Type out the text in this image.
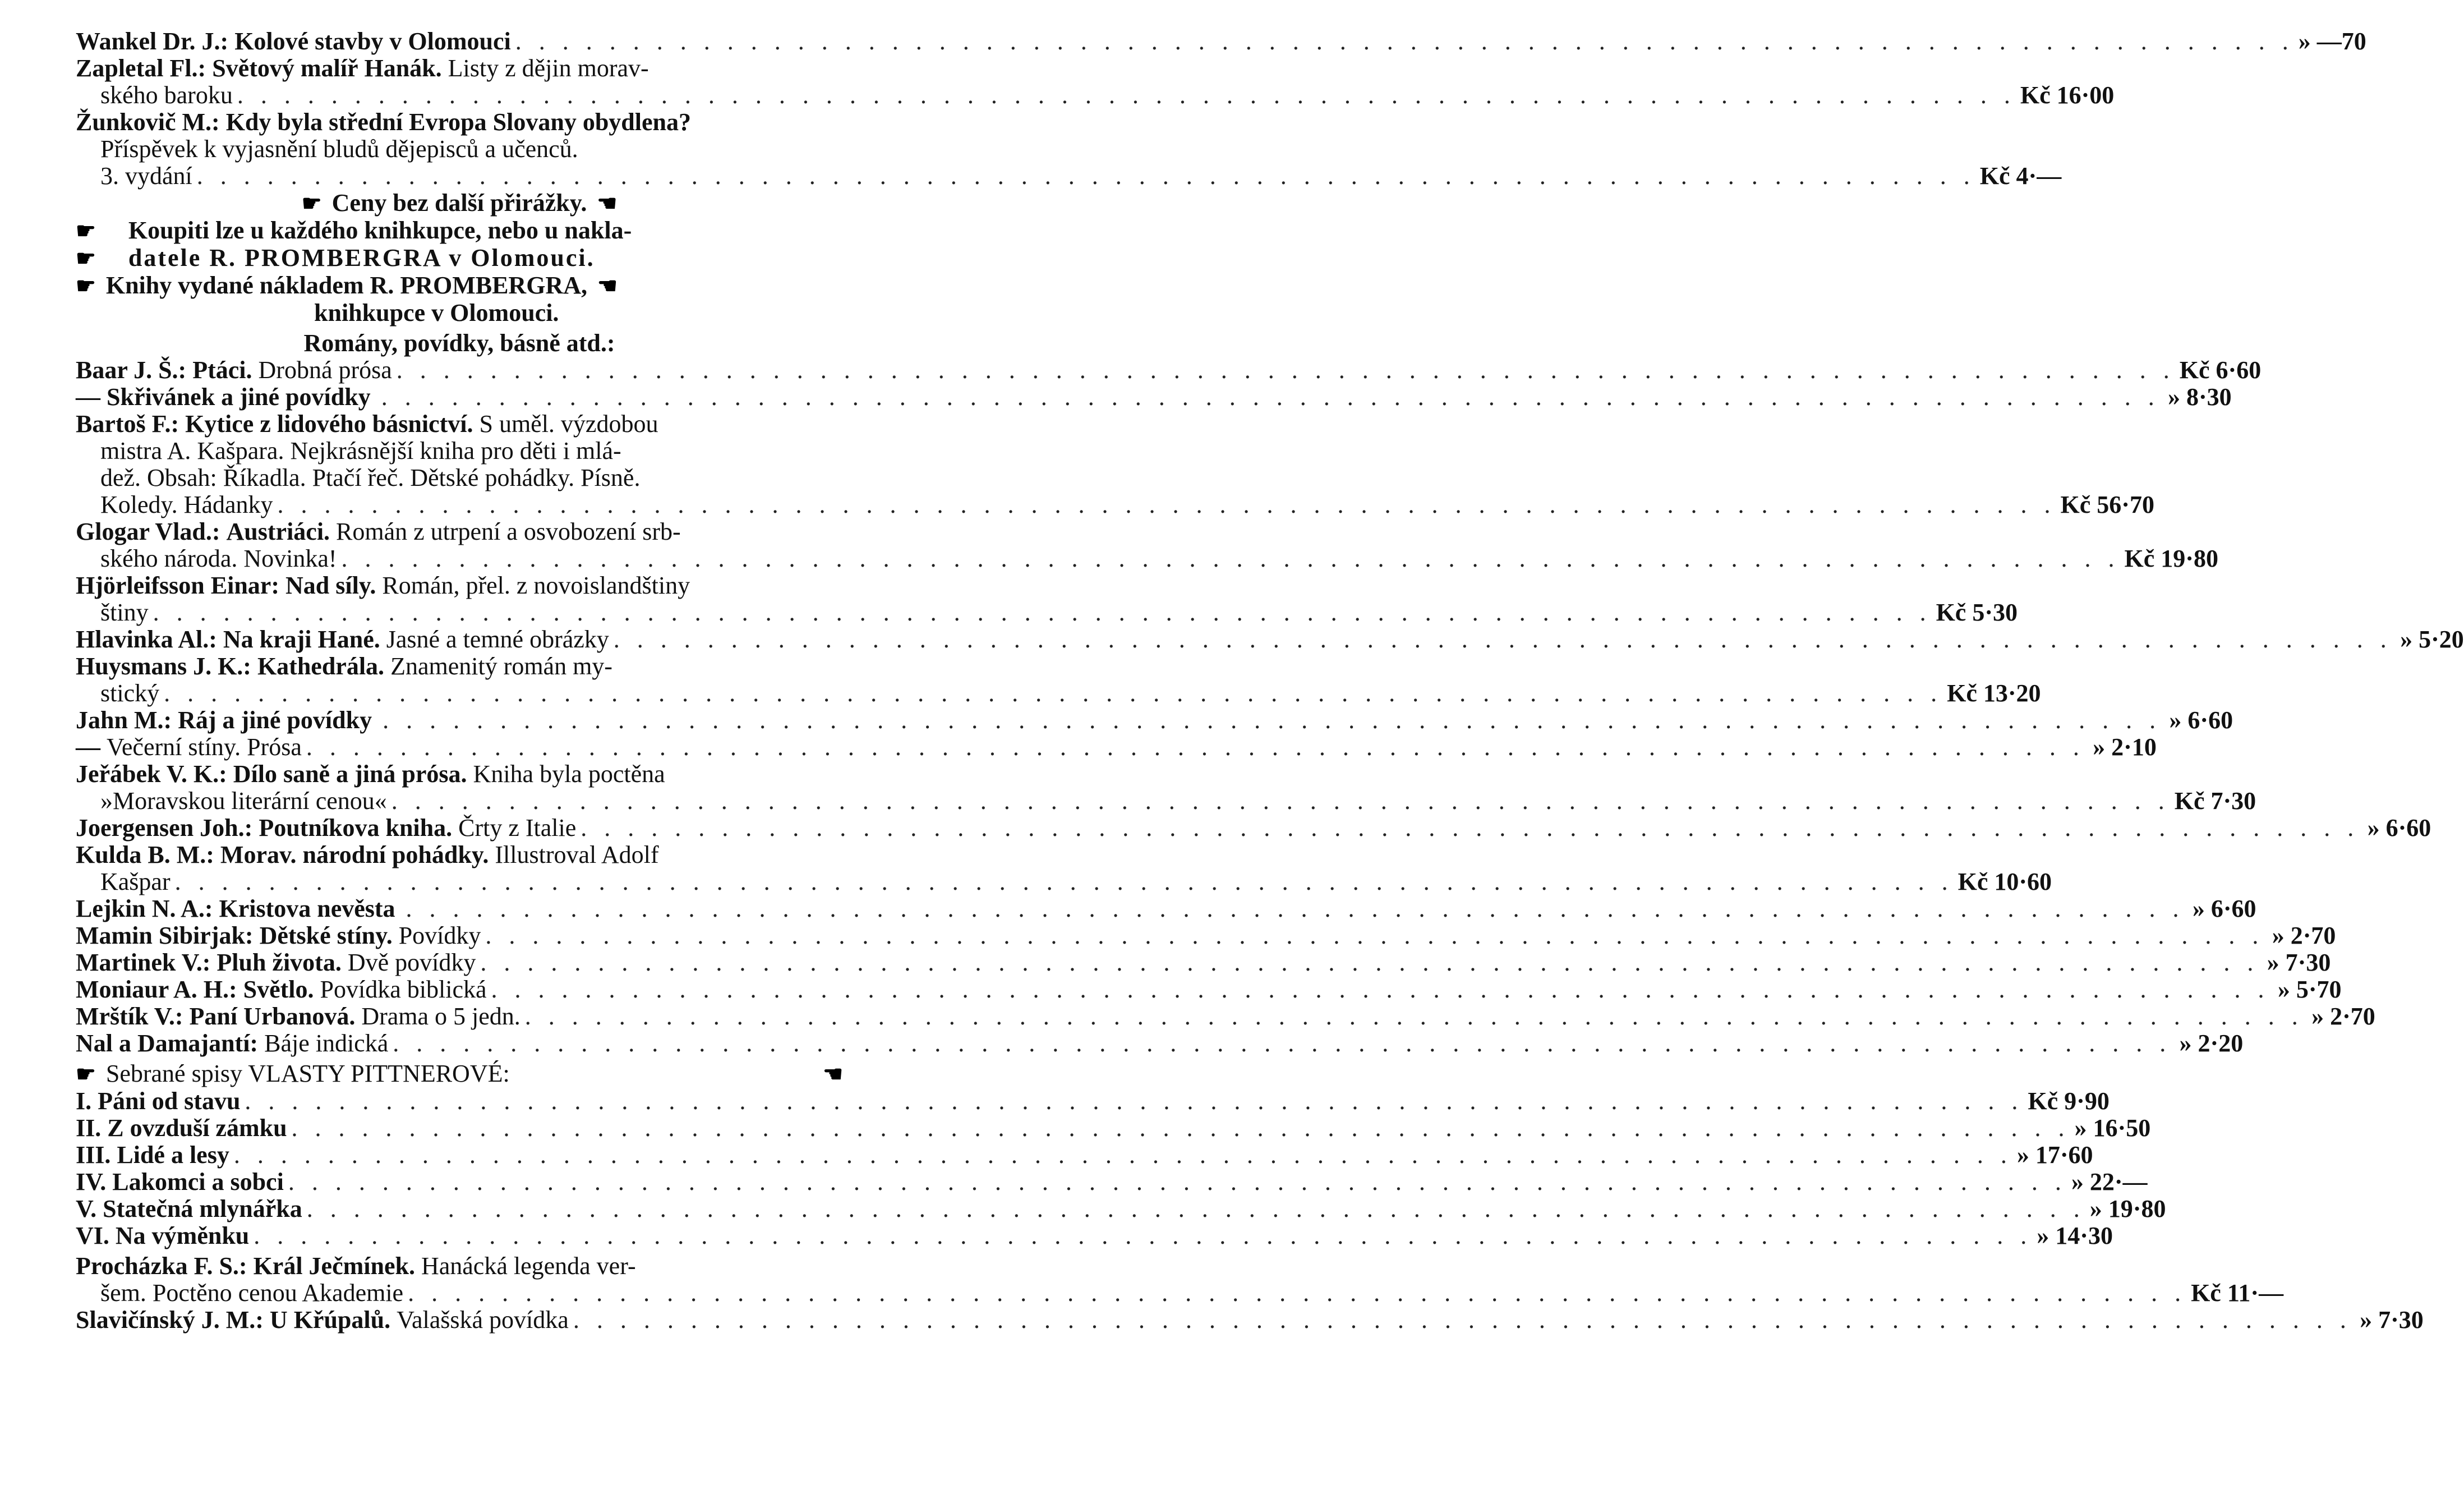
Wankel Dr. J.:
Kolové stavby v Olomouci . . .	» —70
Zapletal Fl.:
Světový malíř Hanák.
Listy z dějin morav-
ského baroku . . .	Kč 16·00
Žunkovič M.:
Kdy byla střední Evropa Slovany obydlena?
Příspěvek k vyjasnění bludů dějepisců a učenců.
3. vydání . . .	Kč 4·—
☛ Ceny bez další přirážky. ☚
☛	Koupiti lze u každého knihkupce, nebo u nakla-
☛	datele R. PROMBERGRA v Olomouci.
☛ Knihy vydané nákladem R. PROMBERGRA, ☚
knihkupce v Olomouci.
Romány, povídky, básně atd.:
Baar J. Š.:
Ptáci.
Drobná prósa . . .	Kč 6·60
—
Skřivánek a jiné povídky
. . .	» 8·30
Bartoš F.:
Kytice z lidového básnictví.
S uměl. výzdobou
mistra A. Kašpara. Nejkrásnější kniha pro děti i mlá-
dež. Obsah: Říkadla. Ptačí řeč. Dětské pohádky. Písně.
Koledy. Hádanky . . .	Kč 56·70
Glogar Vlad.:
Austriáci.
Román z utrpení a osvobození srb-
ského národa. Novinka! . . .	Kč 19·80
Hjörleifsson Einar:
Nad síly.
Román, přel. z novoislandštiny
štiny . . .	Kč 5·30
Hlavinka Al.:
Na kraji Hané.
Jasné a temné obrázky . . .	» 5·20
Huysmans J. K.:
Kathedrála.
Znamenitý román my-
stický . . .	Kč 13·20
Jahn M.:
Ráj a jiné povídky
. . .	» 6·60
—
Večerní stíny. Prósa . . .	» 2·10
Jeřábek V. K.:
Dílo saně a jiná prósa.
Kniha byla poctěna
»Moravskou literární cenou« . . .	Kč 7·30
Joergensen Joh.:
Poutníkova kniha.
Črty z Italie . . .	» 6·60
Kulda B. M.:
Morav. národní pohádky.
Illustroval Adolf
Kašpar . . .	Kč 10·60
Lejkin N. A.:
Kristova nevěsta
. . .	» 6·60
Mamin Sibirjak:
Dětské stíny.
Povídky . . .	» 2·70
Martinek V.:
Pluh života.
Dvě povídky . . .	» 7·30
Moniaur A. H.:
Světlo.
Povídka biblická . . .	» 5·70
Mrštík V.:
Paní Urbanová.
Drama o 5 jedn. . . .	» 2·70
Nal a Damajantí:
Báje indická . . .	» 2·20
☛ Sebrané spisy VLASTY PITTNEROVÉ:	☚
I. Páni od stavu . . .	Kč 9·90
II. Z ovzduší zámku . . .	» 16·50
III. Lidé a lesy . . .	» 17·60
IV. Lakomci a sobci . . .	» 22·—
V. Statečná mlynářka . . .	» 19·80
VI. Na výměnku . . .	» 14·30
Procházka F. S.:
Král Ječmínek.
Hanácká legenda ver-
šem. Poctěno cenou Akademie . . .	Kč 11·—
Slavičínský J. M.:
U Křúpalů.
Valašská povídka . . .	» 7·30
